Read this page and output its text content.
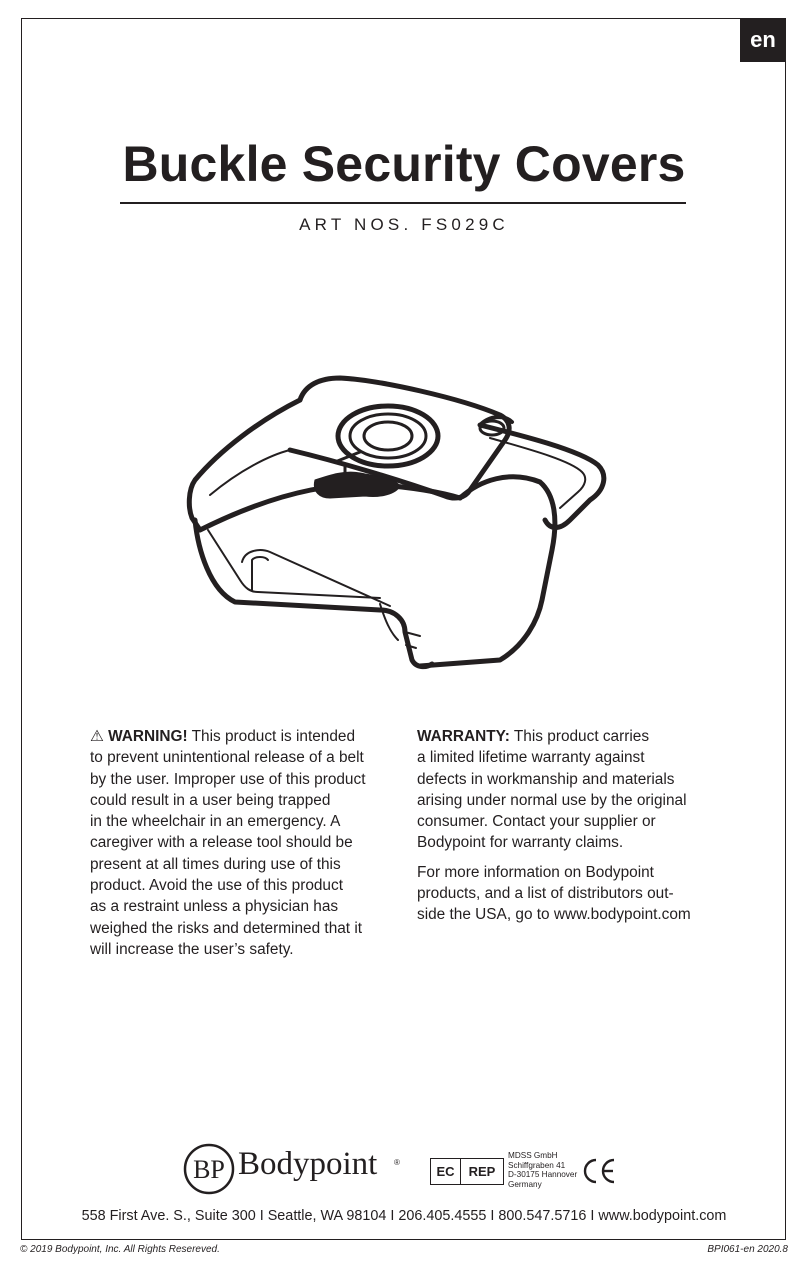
en
Buckle Security Covers
ART NOS. FS029C

⚠ WARNING! This product is intended
to prevent unintentional release of a belt
by the user. Improper use of this product
could result in a user being trapped
in the wheelchair in an emergency. A
caregiver with a release tool should be
present at all times during use of this
product. Avoid the use of this product
as a restraint unless a physician has
weighed the risks and determined that it
will increase the user’s safety.

WARRANTY: This product carries
a limited lifetime warranty against
defects in workmanship and materials
arising under normal use by the original
consumer. Contact your supplier or
Bodypoint for warranty claims.

For more information on Bodypoint
products, and a list of distributors out-
side the USA, go to www.bodypoint.com

BP Bodypoint ®
EC	REP
MDSS GmbH
Schiffgraben 41
D-30175 Hannover
Germany
558 First Ave. S., Suite 300 I Seattle, WA 98104 I 206.405.4555 I 800.547.5716 I www.bodypoint.com
© 2019 Bodypoint, Inc. All Rights Resereved.	BPI061-en 2020.8
